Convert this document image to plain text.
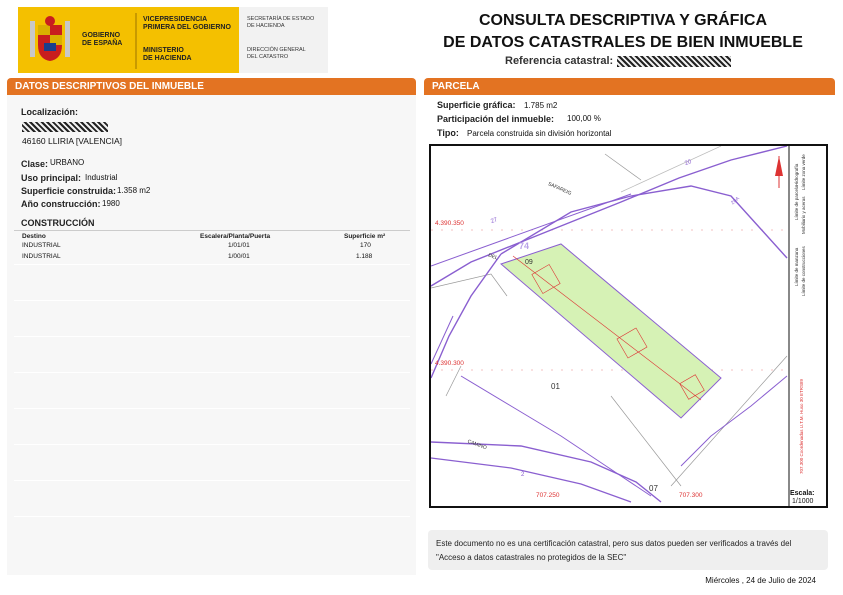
GOBIERNO
DE ESPAÑA
VICEPRESIDENCIA
PRIMERA DEL GOBIERNO
MINISTERIO
DE HACIENDA
SECRETARÍA DE ESTADO
DE HACIENDA
DIRECCIÓN GENERAL
DEL CATASTRO
CONSULTA DESCRIPTIVA Y GRÁFICA
DE DATOS CATASTRALES DE BIEN INMUEBLE
Referencia catastral:
DATOS DESCRIPTIVOS DEL INMUEBLE
Localización:
46160 LLIRIA [VALENCIA]
Clase: URBANO
Uso principal: Industrial
Superficie construida: 1.358 m2
Año construcción: 1980
CONSTRUCCIÓN
Destino	Escalera/Planta/Puerta	Superficie m²
INDUSTRIAL	1/01/01	170
INDUSTRIAL	1/00/01	1.188
PARCELA
Superficie gráfica: 1.785 m2
Participación del inmueble: 100,00 %
Tipo: Parcela construida sin división horizontal
4.390.350
4.390.300
707.250	707.300
09
01
07
74
SAFAREIG
CAMINO
DEL
27
20
2
20A
Límite de manzana
Límite de parcela
Límite de construcciones
Mobiliario y aceras
Límite zona verde
Hidrografía
707.300 Coordenadas U.T.M. Huso 30 ETRS89
Escala:
1/1000
Este documento no es una certificación catastral, pero sus datos pueden ser verificados a través del "Acceso a datos catastrales no protegidos de la SEC"
Miércoles , 24 de Julio de 2024
